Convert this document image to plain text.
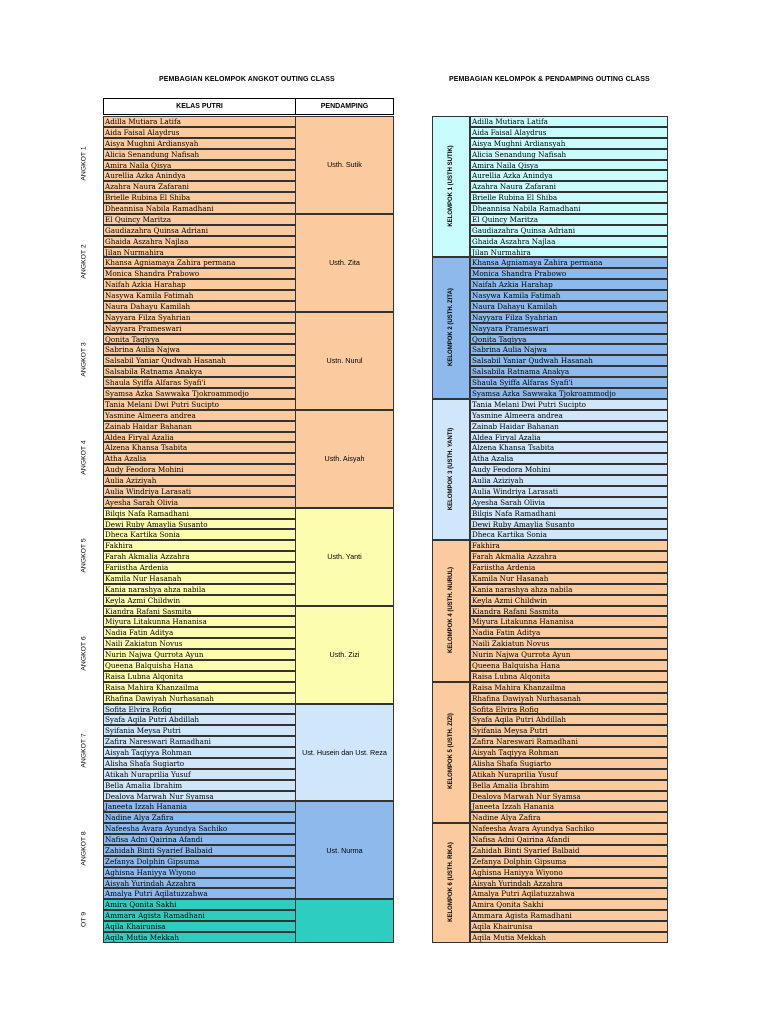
PEMBAGIAN KELOMPOK ANGKOT OUTING CLASS	PEMBAGIAN KELOMPOK & PENDAMPING OUTING CLASS
KELAS PUTRI	PENDAMPING
Usth. Sutik
Usth. Zita
Ustn. Nurul
Usth. Aisyah
Usth. Yanti
Usth. Zizi
Ust. Husein dan Ust. Reza
Ust. Nurma
Adilla Mutiara Latifa
Aida Faisal Alaydrus
Aisya Mughni Ardiansyah
Alicia Senandung Nafisah
Amira Naila Qisya
Aurellia Azka Anindya
Azahra Naura Zafarani
Brielle Rubina El Shiba
Dheannisa Nabila Ramadhani
El Quincy Maritza
Gaudiazahra Quinsa Adriani
Ghaida Aszahra Najlaa
Jilan Nurmahira
Khansa Agniamaya Zahira permana
Monica Shandra Prabowo
Naifah Azkia Harahap
Nasywa Kamila Fatimah
Naura Dahayu Kamilah
Nayyara Filza Syahrian
Nayyara Prameswari
Qonita Taqiyya
Sabrina Aulia Najwa
Salsabil Yaniar Qudwah Hasanah
Salsabila Ratnama Anakya
Shaula Syiffa Alfaras Syafi'i
Syamsa Azka Sawwaka Tjokroammodjo
Tania Melani Dwi Putri Sucipto
Yasmine Almeera andrea
Zainab Haidar Bahanan
Aldea Firyal Azalia
Alzena Khansa Tsabita
Atha Azalia
Audy Feodora Mohini
Aulia Aziziyah
Aulia Windriya Larasati
Ayesha Sarah Olivia
Bilqis Nafa Ramadhani
Dewi Ruby Amaylia Susanto
Dheca Kartika Sonia
Fakhira
Farah Akmalia Azzahra
Fariistha Ardenia
Kamila Nur Hasanah
Kania narashya ahza nabila
Keyla Azmi Childwin
Kiandra Rafani Sasmita
Miyura Litakunna Hananisa
Nadia Fatin Aditya
Naili Zakiatun Novus
Nurin Najwa Qurrota Ayun
Queena Balquisha Hana
Raisa Lubna Alqonita
Raisa Mahira Khanzailma
Rhafina Dawiyah Nurhasanah
Sofita Elvira Rofiq
Syafa Aqila Putri Abdillah
Syifania Meysa Putri
Zafira Nareswari Ramadhani
Aisyah Taqiyya Rohman
Alisha Shafa Sugiarto
Atikah Nuraprilia Yusuf
Bella Amalia Ibrahim
Dealova Marwah Nur Syamsa
Janeeta Izzah Hanania
Nadine Alya Zafira
Nafeesha Avara Ayundya Sachiko
Nafisa Adni Qairina Afandi
Zahidah Binti Syarief Balbaid
Zefanya Dolphin Gipsuma
Aghisna Haniyya Wiyono
Aisyah Yurindah Azzahra
Amalya Putri Aqilatuzzahwa
Amira Qonita Sakhi
Ammara Agista Ramadhani
Aqila Khairunisa
Aqila Mutia Mekkah
ANGKOT 1
ANGKOT 2
ANGKOT 3
ANGKOT 4
ANGKOT 5
ANGKOT 6
ANGKOT 7
ANGKOT 8
OT 9
KELOMPOK 1 (USTH SUTIK)
KELOMPOK 2 (USTH. ZITA)
KELOMPOK 3 (USTH. YANTI)
KELOMPOK 4 (USTH. NURUL)
KELOMPOK 5 (USTH. ZIZI)
KELOMPOK 6 (USTH. RIKA)
Adilla Mutiara Latifa
Aida Faisal Alaydrus
Aisya Mughni Ardiansyah
Alicia Senandung Nafisah
Amira Naila Qisya
Aurellia Azka Anindya
Azahra Naura Zafarani
Brielle Rubina El Shiba
Dheannisa Nabila Ramadhani
El Quincy Maritza
Gaudiazahra Quinsa Adriani
Ghaida Aszahra Najlaa
Jilan Nurmahira
Khansa Agniamaya Zahira permana
Monica Shandra Prabowo
Naifah Azkia Harahap
Nasywa Kamila Fatimah
Naura Dahayu Kamilah
Nayyara Filza Syahrian
Nayyara Prameswari
Qonita Taqiyya
Sabrina Aulia Najwa
Salsabil Yaniar Qudwah Hasanah
Salsabila Ratnama Anakya
Shaula Syiffa Alfaras Syafi'i
Syamsa Azka Sawwaka Tjokroammodjo
Tania Melani Dwi Putri Sucipto
Yasmine Almeera andrea
Zainab Haidar Bahanan
Aldea Firyal Azalia
Alzena Khansa Tsabita
Atha Azalia
Audy Feodora Mohini
Aulia Aziziyah
Aulia Windriya Larasati
Ayesha Sarah Olivia
Bilqis Nafa Ramadhani
Dewi Ruby Amaylia Susanto
Dheca Kartika Sonia
Fakhira
Farah Akmalia Azzahra
Fariistha Ardenia
Kamila Nur Hasanah
Kania narashya ahza nabila
Keyla Azmi Childwin
Kiandra Rafani Sasmita
Miyura Litakunna Hananisa
Nadia Fatin Aditya
Naili Zakiatun Novus
Nurin Najwa Qurrota Ayun
Queena Balquisha Hana
Raisa Lubna Alqonita
Raisa Mahira Khanzailma
Rhafina Dawiyah Nurhasanah
Sofita Elvira Rofiq
Syafa Aqila Putri Abdillah
Syifania Meysa Putri
Zafira Nareswari Ramadhani
Aisyah Taqiyya Rohman
Alisha Shafa Sugiarto
Atikah Nuraprilia Yusuf
Bella Amalia Ibrahim
Dealova Marwah Nur Syamsa
Janeeta Izzah Hanania
Nadine Alya Zafira
Nafeesha Avara Ayundya Sachiko
Nafisa Adni Qairina Afandi
Zahidah Binti Syarief Balbaid
Zefanya Dolphin Gipsuma
Aghisna Haniyya Wiyono
Aisyah Yurindah Azzahra
Amalya Putri Aqilatuzzahwa
Amira Qonita Sakhi
Ammara Agista Ramadhani
Aqila Khairunisa
Aqila Mutia Mekkah
